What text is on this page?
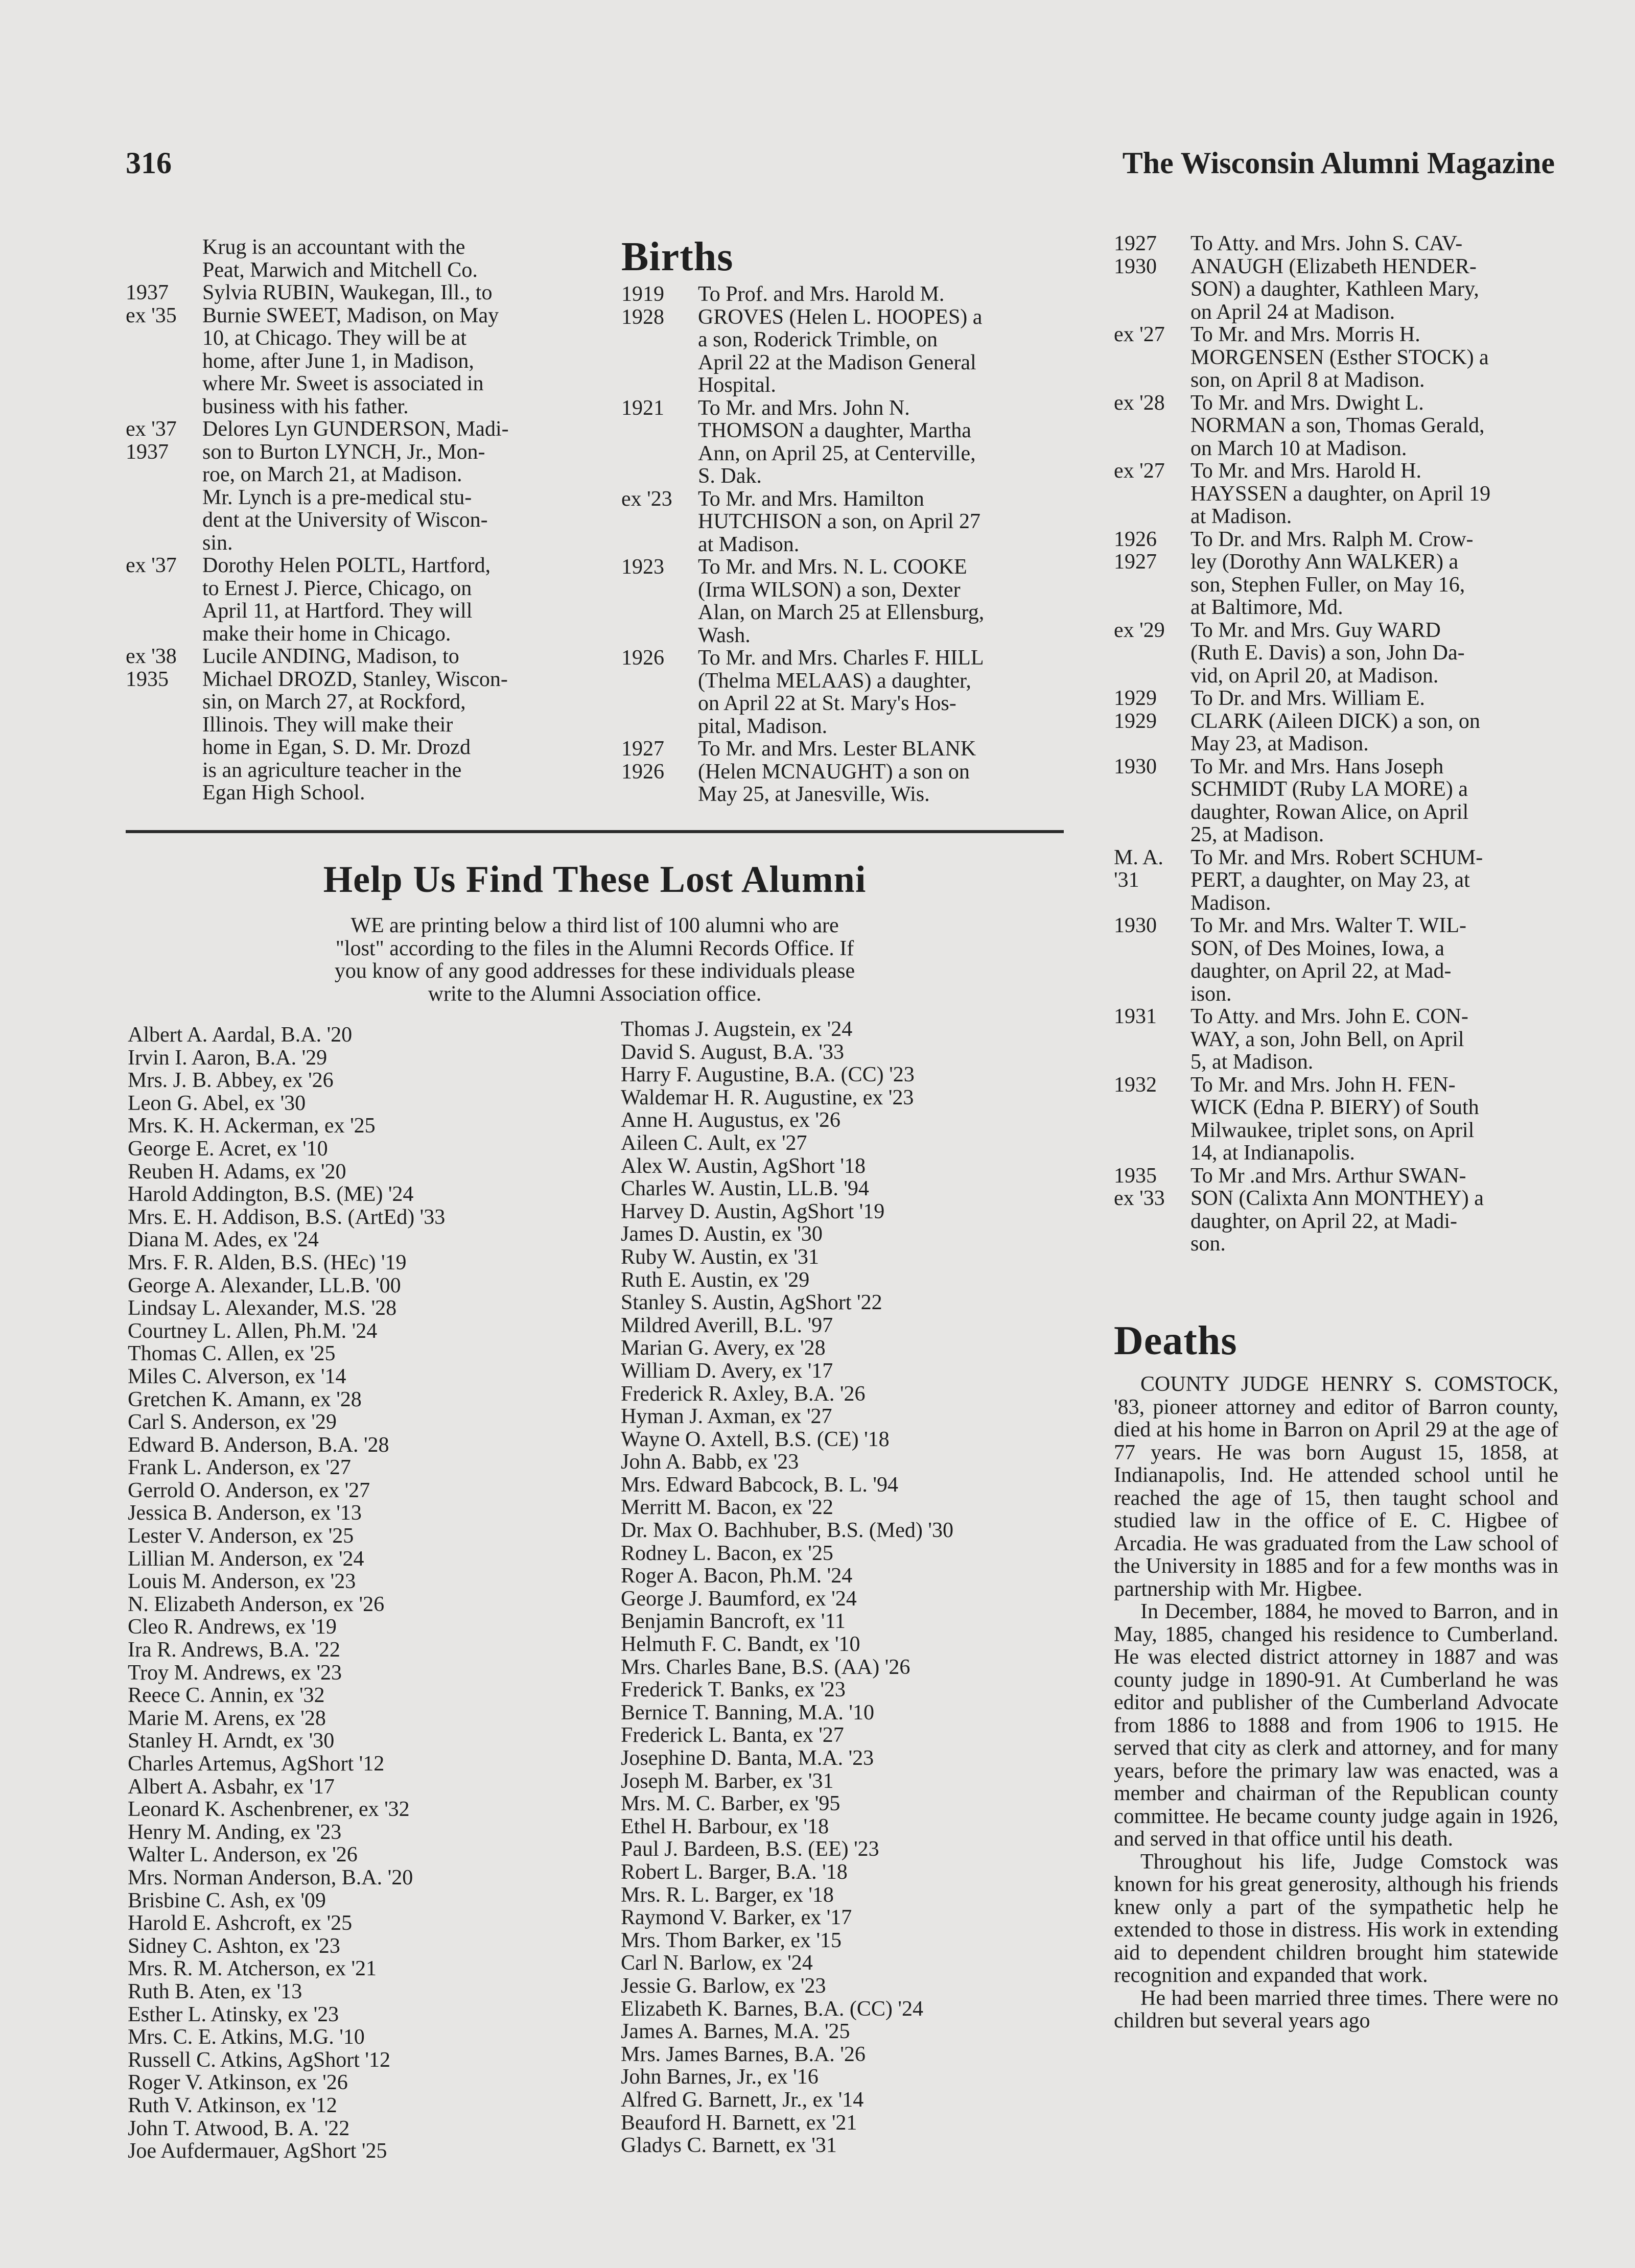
316	The Wisconsin Alumni Magazine
Krug is an accountant with the
Peat, Marwich and Mitchell Co.
1937	Sylvia RUBIN, Waukegan, Ill., to
ex '35	Burnie SWEET, Madison, on May
10, at Chicago. They will be at
home, after June 1, in Madison,
where Mr. Sweet is associated in
business with his father.
ex '37	Delores Lyn GUNDERSON, Madi-
1937	son to Burton LYNCH, Jr., Mon-
roe, on March 21, at Madison.
Mr. Lynch is a pre-medical stu-
dent at the University of Wiscon-
sin.
ex '37	Dorothy Helen POLTL, Hartford,
to Ernest J. Pierce, Chicago, on
April 11, at Hartford. They will
make their home in Chicago.
ex '38	Lucile ANDING, Madison, to
1935	Michael DROZD, Stanley, Wiscon-
sin, on March 27, at Rockford,
Illinois. They will make their
home in Egan, S. D. Mr. Drozd
is an agriculture teacher in the
Egan High School.
Births
1919	To Prof. and Mrs. Harold M.
1928	GROVES (Helen L. HOOPES) a
a son, Roderick Trimble, on
April 22 at the Madison General
Hospital.
1921	To Mr. and Mrs. John N.
THOMSON a daughter, Martha
Ann, on April 25, at Centerville,
S. Dak.
ex '23	To Mr. and Mrs. Hamilton
HUTCHISON a son, on April 27
at Madison.
1923	To Mr. and Mrs. N. L. COOKE
(Irma WILSON) a son, Dexter
Alan, on March 25 at Ellensburg,
Wash.
1926	To Mr. and Mrs. Charles F. HILL
(Thelma MELAAS) a daughter,
on April 22 at St. Mary's Hos-
pital, Madison.
1927	To Mr. and Mrs. Lester BLANK
1926	(Helen MCNAUGHT) a son on
May 25, at Janesville, Wis.
1927	To Atty. and Mrs. John S. CAV-
1930	ANAUGH (Elizabeth HENDER-
SON) a daughter, Kathleen Mary,
on April 24 at Madison.
ex '27	To Mr. and Mrs. Morris H.
MORGENSEN (Esther STOCK) a
son, on April 8 at Madison.
ex '28	To Mr. and Mrs. Dwight L.
NORMAN a son, Thomas Gerald,
on March 10 at Madison.
ex '27	To Mr. and Mrs. Harold H.
HAYSSEN a daughter, on April 19
at Madison.
1926	To Dr. and Mrs. Ralph M. Crow-
1927	ley (Dorothy Ann WALKER) a
son, Stephen Fuller, on May 16,
at Baltimore, Md.
ex '29	To Mr. and Mrs. Guy WARD
(Ruth E. Davis) a son, John Da-
vid, on April 20, at Madison.
1929	To Dr. and Mrs. William E.
1929	CLARK (Aileen DICK) a son, on
May 23, at Madison.
1930	To Mr. and Mrs. Hans Joseph
SCHMIDT (Ruby LA MORE) a
daughter, Rowan Alice, on April
25, at Madison.
M. A.	To Mr. and Mrs. Robert SCHUM-
'31	PERT, a daughter, on May 23, at
Madison.
1930	To Mr. and Mrs. Walter T. WIL-
SON, of Des Moines, Iowa, a
daughter, on April 22, at Mad-
ison.
1931	To Atty. and Mrs. John E. CON-
WAY, a son, John Bell, on April
5, at Madison.
1932	To Mr. and Mrs. John H. FEN-
WICK (Edna P. BIERY) of South
Milwaukee, triplet sons, on April
14, at Indianapolis.
1935	To Mr .and Mrs. Arthur SWAN-
ex '33	SON (Calixta Ann MONTHEY) a
daughter, on April 22, at Madi-
son.
Help Us Find These Lost Alumni
WE are printing below a third list of 100 alumni who are
"lost" according to the files in the Alumni Records Office. If
you know of any good addresses for these individuals please
write to the Alumni Association office.
Albert A. Aardal, B.A. '20
Irvin I. Aaron, B.A. '29
Mrs. J. B. Abbey, ex '26
Leon G. Abel, ex '30
Mrs. K. H. Ackerman, ex '25
George E. Acret, ex '10
Reuben H. Adams, ex '20
Harold Addington, B.S. (ME) '24
Mrs. E. H. Addison, B.S. (ArtEd) '33
Diana M. Ades, ex '24
Mrs. F. R. Alden, B.S. (HEc) '19
George A. Alexander, LL.B. '00
Lindsay L. Alexander, M.S. '28
Courtney L. Allen, Ph.M. '24
Thomas C. Allen, ex '25
Miles C. Alverson, ex '14
Gretchen K. Amann, ex '28
Carl S. Anderson, ex '29
Edward B. Anderson, B.A. '28
Frank L. Anderson, ex '27
Gerrold O. Anderson, ex '27
Jessica B. Anderson, ex '13
Lester V. Anderson, ex '25
Lillian M. Anderson, ex '24
Louis M. Anderson, ex '23
N. Elizabeth Anderson, ex '26
Cleo R. Andrews, ex '19
Ira R. Andrews, B.A. '22
Troy M. Andrews, ex '23
Reece C. Annin, ex '32
Marie M. Arens, ex '28
Stanley H. Arndt, ex '30
Charles Artemus, AgShort '12
Albert A. Asbahr, ex '17
Leonard K. Aschenbrener, ex '32
Henry M. Anding, ex '23
Walter L. Anderson, ex '26
Mrs. Norman Anderson, B.A. '20
Brisbine C. Ash, ex '09
Harold E. Ashcroft, ex '25
Sidney C. Ashton, ex '23
Mrs. R. M. Atcherson, ex '21
Ruth B. Aten, ex '13
Esther L. Atinsky, ex '23
Mrs. C. E. Atkins, M.G. '10
Russell C. Atkins, AgShort '12
Roger V. Atkinson, ex '26
Ruth V. Atkinson, ex '12
John T. Atwood, B. A. '22
Joe Aufdermauer, AgShort '25
Thomas J. Augstein, ex '24
David S. August, B.A. '33
Harry F. Augustine, B.A. (CC) '23
Waldemar H. R. Augustine, ex '23
Anne H. Augustus, ex '26
Aileen C. Ault, ex '27
Alex W. Austin, AgShort '18
Charles W. Austin, LL.B. '94
Harvey D. Austin, AgShort '19
James D. Austin, ex '30
Ruby W. Austin, ex '31
Ruth E. Austin, ex '29
Stanley S. Austin, AgShort '22
Mildred Averill, B.L. '97
Marian G. Avery, ex '28
William D. Avery, ex '17
Frederick R. Axley, B.A. '26
Hyman J. Axman, ex '27
Wayne O. Axtell, B.S. (CE) '18
John A. Babb, ex '23
Mrs. Edward Babcock, B. L. '94
Merritt M. Bacon, ex '22
Dr. Max O. Bachhuber, B.S. (Med) '30
Rodney L. Bacon, ex '25
Roger A. Bacon, Ph.M. '24
George J. Baumford, ex '24
Benjamin Bancroft, ex '11
Helmuth F. C. Bandt, ex '10
Mrs. Charles Bane, B.S. (AA) '26
Frederick T. Banks, ex '23
Bernice T. Banning, M.A. '10
Frederick L. Banta, ex '27
Josephine D. Banta, M.A. '23
Joseph M. Barber, ex '31
Mrs. M. C. Barber, ex '95
Ethel H. Barbour, ex '18
Paul J. Bardeen, B.S. (EE) '23
Robert L. Barger, B.A. '18
Mrs. R. L. Barger, ex '18
Raymond V. Barker, ex '17
Mrs. Thom Barker, ex '15
Carl N. Barlow, ex '24
Jessie G. Barlow, ex '23
Elizabeth K. Barnes, B.A. (CC) '24
James A. Barnes, M.A. '25
Mrs. James Barnes, B.A. '26
John Barnes, Jr., ex '16
Alfred G. Barnett, Jr., ex '14
Beauford H. Barnett, ex '21
Gladys C. Barnett, ex '31
Deaths

COUNTY JUDGE HENRY S. COMSTOCK, '83, pioneer attorney and editor of Barron county, died at his home in Barron on April 29 at the age of 77 years. He was born August 15, 1858, at Indianapolis, Ind. He attended school until he reached the age of 15, then taught school and studied law in the office of E. C. Higbee of Arcadia. He was graduated from the Law school of the University in 1885 and for a few months was in partnership with Mr. Higbee.

In December, 1884, he moved to Barron, and in May, 1885, changed his residence to Cumberland. He was elected district attorney in 1887 and was county judge in 1890-91. At Cumberland he was editor and publisher of the Cumberland Advocate from 1886 to 1888 and from 1906 to 1915. He served that city as clerk and attorney, and for many years, before the primary law was enacted, was a member and chairman of the Republican county committee. He became county judge again in 1926, and served in that office until his death.

Throughout his life, Judge Comstock was known for his great generosity, although his friends knew only a part of the sympathetic help he extended to those in distress. His work in extending aid to dependent children brought him statewide recognition and expanded that work.

He had been married three times. There were no children but several years ago
